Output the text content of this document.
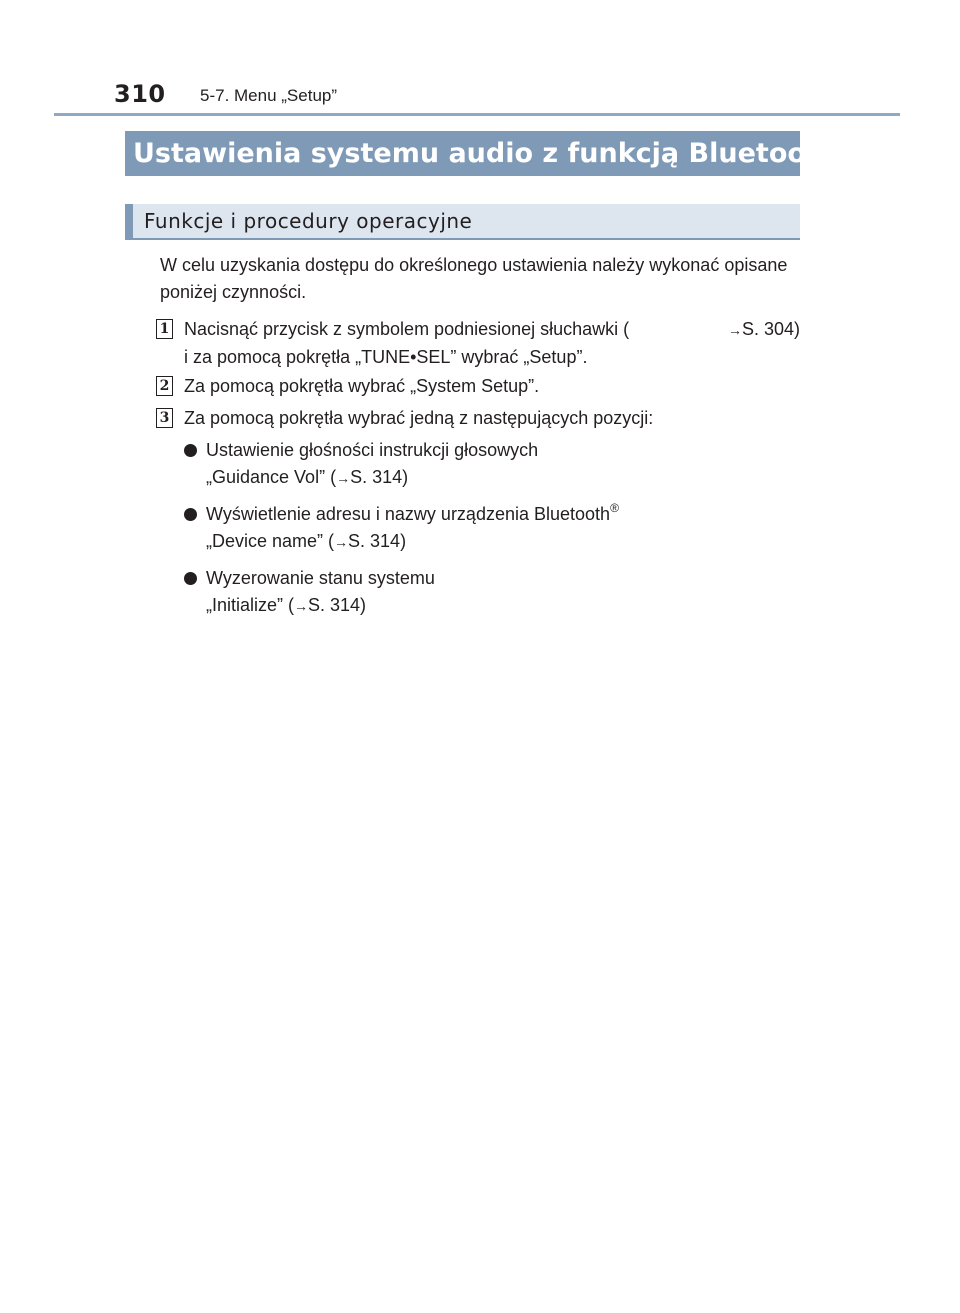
310 5-7. Menu „Setup”
Ustawienia systemu audio z funkcją Bluetooth®
Funkcje i procedury operacyjne
W celu uzyskania dostępu do określonego ustawienia należy wykonać opisane poniżej czynności.
1 Nacisnąć przycisk z symbolem podniesionej słuchawki (	→S. 304)
i za pomocą pokrętła „TUNE•SEL” wybrać „Setup”.
2 Za pomocą pokrętła wybrać „System Setup”.
3 Za pomocą pokrętła wybrać jedną z następujących pozycji:
Ustawienie głośności instrukcji głosowych
„Guidance Vol” (→S. 314)
Wyświetlenie adresu i nazwy urządzenia Bluetooth®
„Device name” (→S. 314)
Wyzerowanie stanu systemu
„Initialize” (→S. 314)
